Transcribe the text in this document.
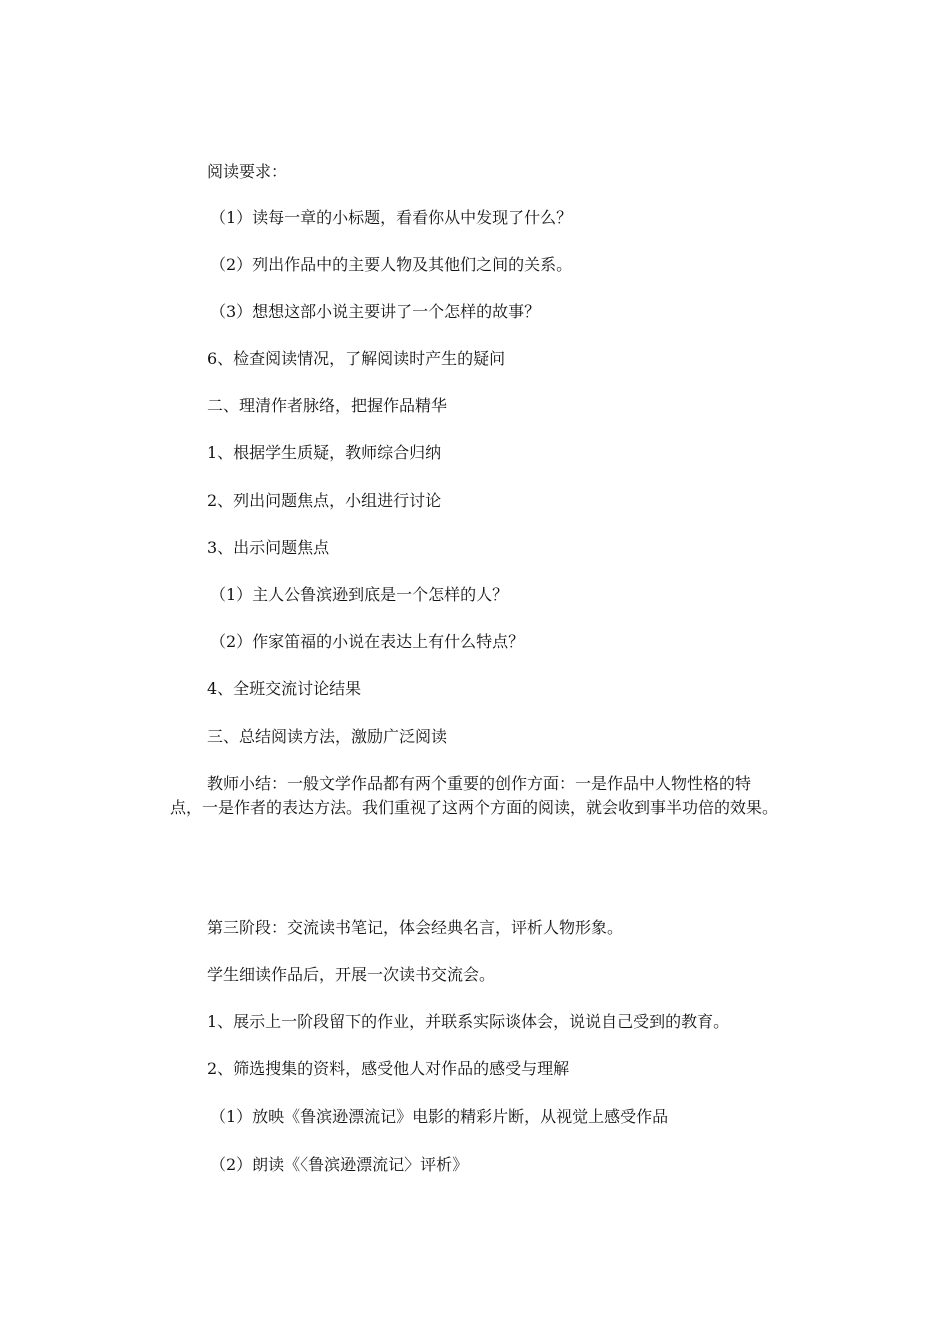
阅读要求：
（1）读每一章的小标题，看看你从中发现了什么？
（2）列出作品中的主要人物及其他们之间的关系。
（3）想想这部小说主要讲了一个怎样的故事？
6、检查阅读情况，了解阅读时产生的疑问
二、理清作者脉络，把握作品精华
1、根据学生质疑，教师综合归纳
2、列出问题焦点，小组进行讨论
3、出示问题焦点
（1）主人公鲁滨逊到底是一个怎样的人？
（2）作家笛福的小说在表达上有什么特点？
4、全班交流讨论结果
三、总结阅读方法，激励广泛阅读
教师小结：一般文学作品都有两个重要的创作方面：一是作品中人物性格的特点，一是作者的表达方法。我们重视了这两个方面的阅读，就会收到事半功倍的效果。
第三阶段：交流读书笔记，体会经典名言，评析人物形象。
学生细读作品后，开展一次读书交流会。
1、展示上一阶段留下的作业，并联系实际谈体会，说说自己受到的教育。
2、筛选搜集的资料，感受他人对作品的感受与理解
（1）放映《鲁滨逊漂流记》电影的精彩片断，从视觉上感受作品
（2）朗读《〈鲁滨逊漂流记〉评析》
